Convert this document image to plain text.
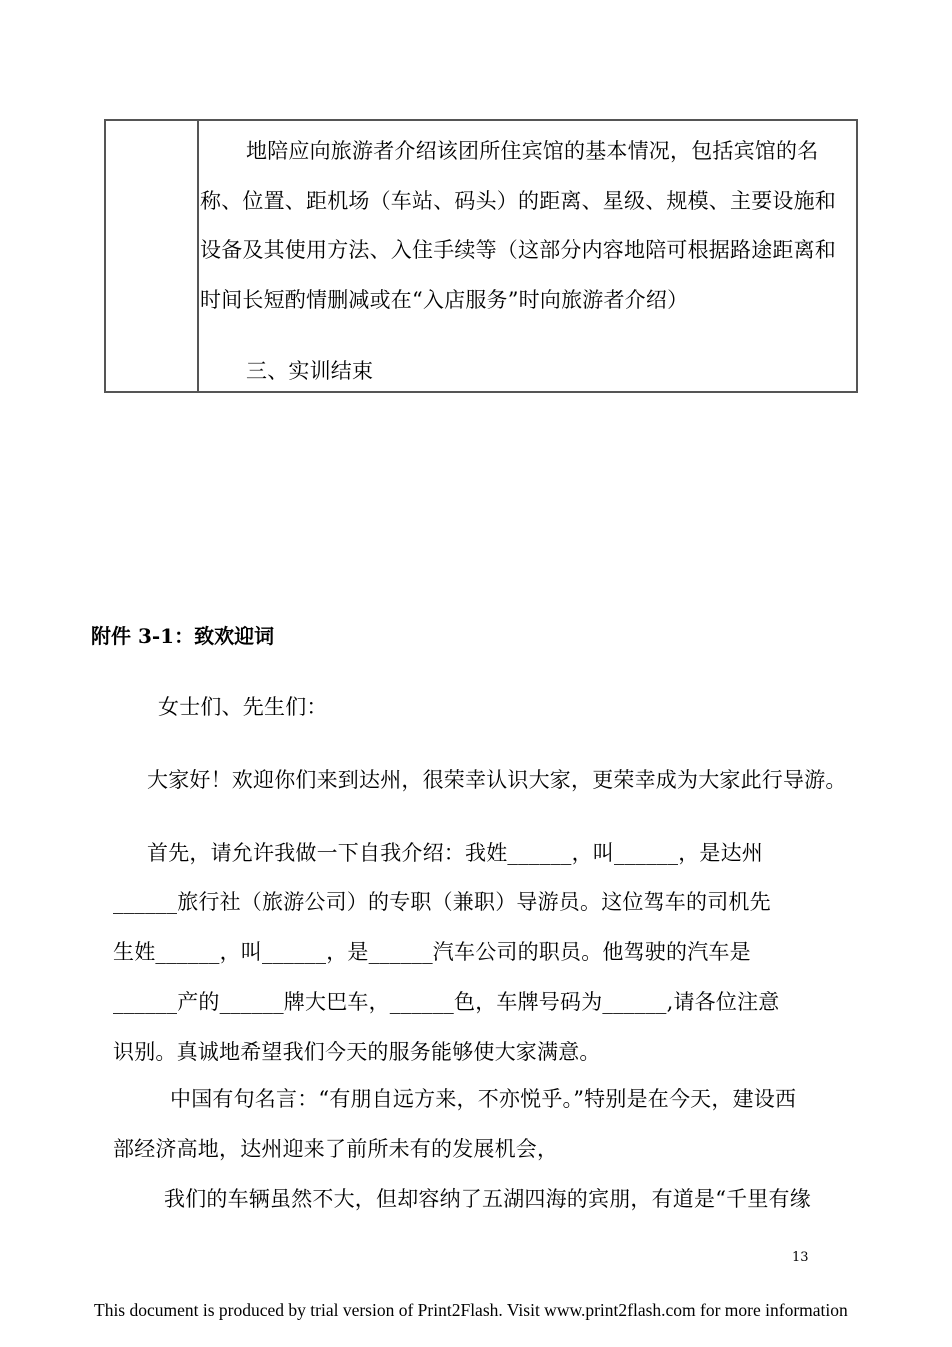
地陪应向旅游者介绍该团所住宾馆的基本情况，包括宾馆的名
称、位置、距机场（车站、码头）的距离、星级、规模、主要设施和
设备及其使用方法、入住手续等（这部分内容地陪可根据路途距离和
时间长短酌情删减或在“入店服务”时向旅游者介绍）
三、实训结束
附件 3-1：致欢迎词
女士们、先生们：
大家好！欢迎你们来到达州，很荣幸认识大家，更荣幸成为大家此行导游。
首先，请允许我做一下自我介绍：我姓______，叫______，是达州
______旅行社（旅游公司）的专职（兼职）导游员。这位驾车的司机先
生姓______，叫______，是______汽车公司的职员。他驾驶的汽车是
______产的______牌大巴车，______色，车牌号码为______,请各位注意
识别。真诚地希望我们今天的服务能够使大家满意。
中国有句名言：“有朋自远方来，不亦悦乎。”特别是在今天，建设西
部经济高地，达州迎来了前所未有的发展机会，
我们的车辆虽然不大，但却容纳了五湖四海的宾朋，有道是“千里有缘
13
This document is produced by trial version of Print2Flash. Visit www.print2flash.com for more information
